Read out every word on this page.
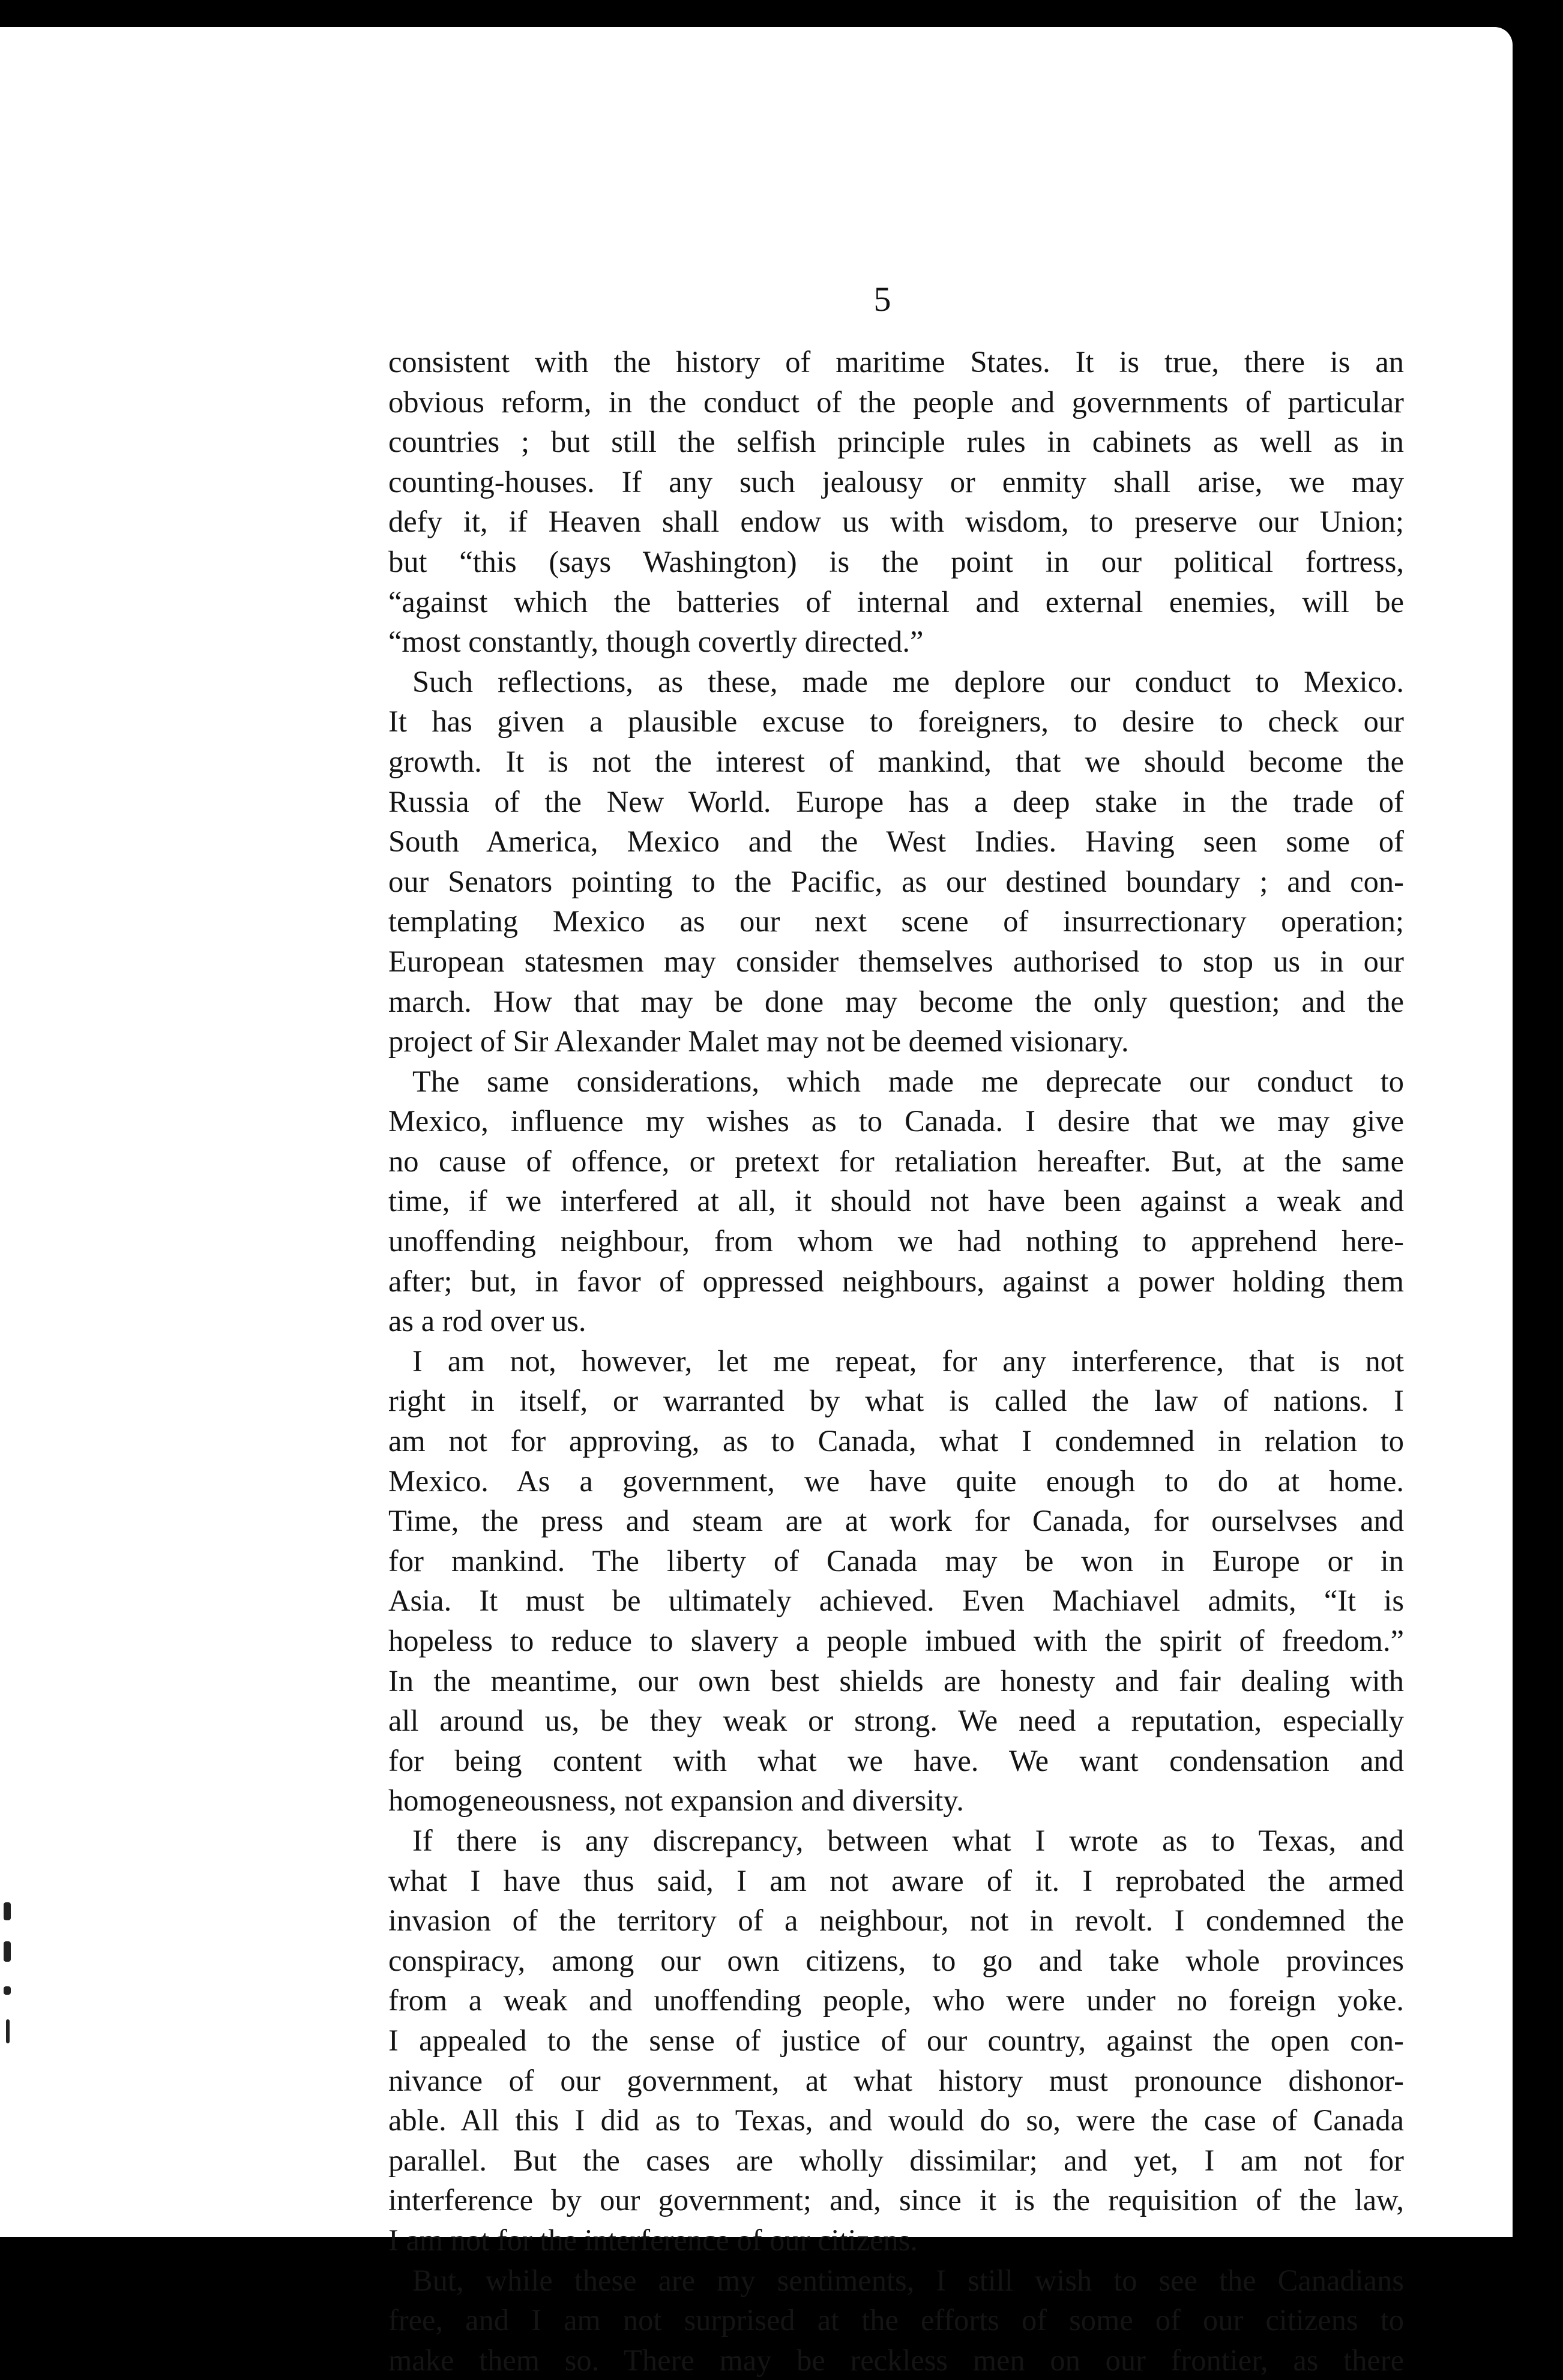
5

consistent with the history of maritime States. It is true, there is an

obvious reform, in the conduct of the people and governments of particular

countries ; but still the selfish principle rules in cabinets as well as in

counting-houses. If any such jealousy or enmity shall arise, we may

defy it, if Heaven shall endow us with wisdom, to preserve our Union;

but “this (says Washington) is the point in our political fortress,

“against which the batteries of internal and external enemies, will be

“most constantly, though covertly directed.”

Such reflections, as these, made me deplore our conduct to Mexico.

It has given a plausible excuse to foreigners, to desire to check our

growth. It is not the interest of mankind, that we should become the

Russia of the New World. Europe has a deep stake in the trade of

South America, Mexico and the West Indies. Having seen some of

our Senators pointing to the Pacific, as our destined boundary ; and con-

templating Mexico as our next scene of insurrectionary operation;

European statesmen may consider themselves authorised to stop us in our

march. How that may be done may become the only question; and the

project of Sir Alexander Malet may not be deemed visionary.

The same considerations, which made me deprecate our conduct to

Mexico, influence my wishes as to Canada. I desire that we may give

no cause of offence, or pretext for retaliation hereafter. But, at the same

time, if we interfered at all, it should not have been against a weak and

unoffending neighbour, from whom we had nothing to apprehend here-

after; but, in favor of oppressed neighbours, against a power holding them

as a rod over us.

I am not, however, let me repeat, for any interference, that is not

right in itself, or warranted by what is called the law of nations. I

am not for approving, as to Canada, what I condemned in relation to

Mexico. As a government, we have quite enough to do at home.

Time, the press and steam are at work for Canada, for ourselvses and

for mankind. The liberty of Canada may be won in Europe or in

Asia. It must be ultimately achieved. Even Machiavel admits, “It is

hopeless to reduce to slavery a people imbued with the spirit of freedom.”

In the meantime, our own best shields are honesty and fair dealing with

all around us, be they weak or strong. We need a reputation, especially

for being content with what we have. We want condensation and

homogeneousness, not expansion and diversity.

If there is any discrepancy, between what I wrote as to Texas, and

what I have thus said, I am not aware of it. I reprobated the armed

invasion of the territory of a neighbour, not in revolt. I condemned the

conspiracy, among our own citizens, to go and take whole provinces

from a weak and unoffending people, who were under no foreign yoke.

I appealed to the sense of justice of our country, against the open con-

nivance of our government, at what history must pronounce dishonor-

able. All this I did as to Texas, and would do so, were the case of Canada

parallel. But the cases are wholly dissimilar; and yet, I am not for

interference by our government; and, since it is the requisition of the law,

I am not for the interference of our citizens.

But, while these are my sentiments, I still wish to see the Canadians

free, and I am not surprised at the efforts of some of our citizens to

make them so. There may be reckless men on our frontier, as there
